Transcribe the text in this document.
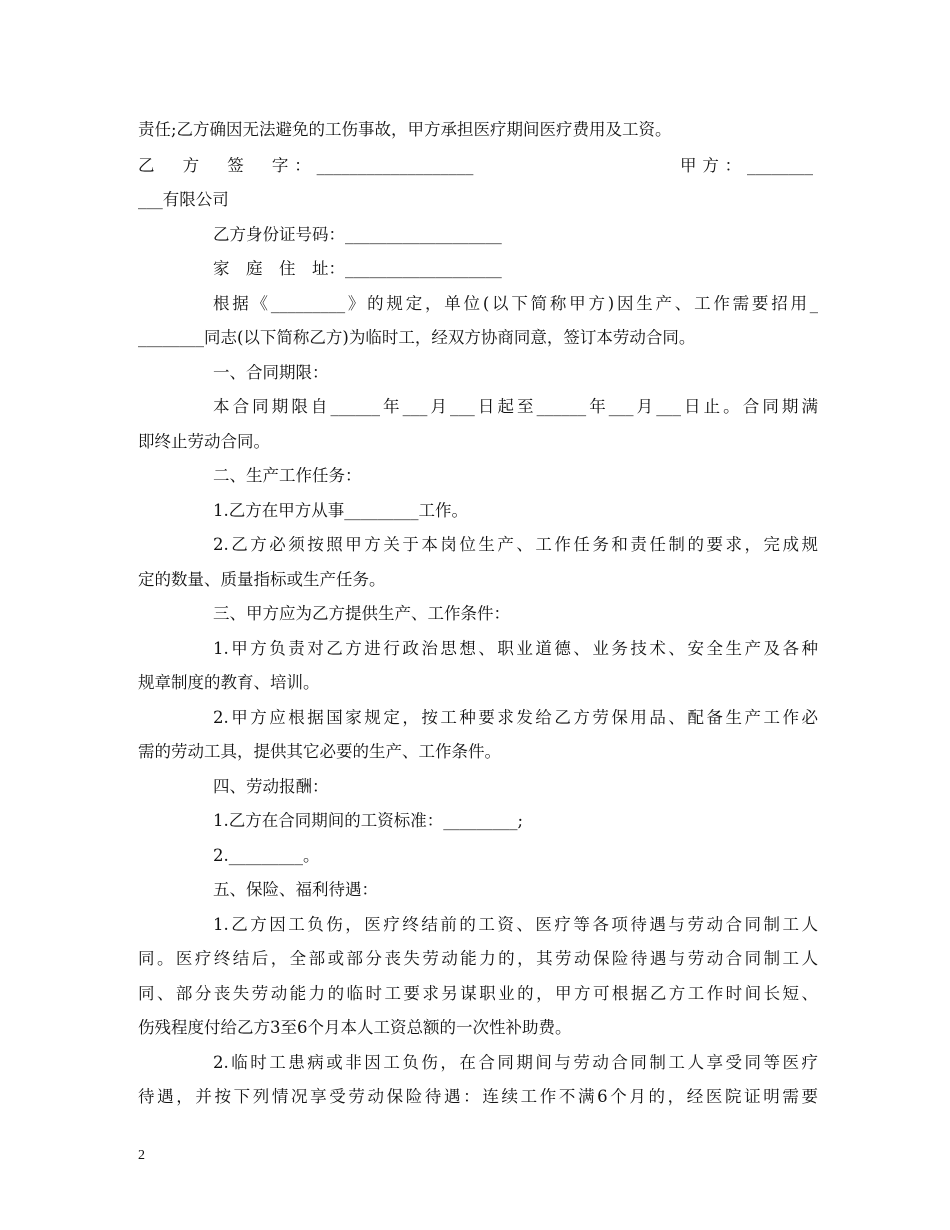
责任;乙方确因无法避免的工伤事故，甲方承担医疗期间医疗费用及工资。
乙　方　签　字：___________________　　　　　　　　　甲方：________
___有限公司
乙方身份证号码：___________________
家　庭　住　址：___________________
根据《_________》的规定，单位(以下简称甲方)因生产、工作需要招用_
________同志(以下简称乙方)为临时工，经双方协商同意，签订本劳动合同。
一、合同期限：
本合同期限自______年___月___日起至______年___月___日止。合同期满
即终止劳动合同。
二、生产工作任务：
1.乙方在甲方从事_________工作。
2.乙方必须按照甲方关于本岗位生产、工作任务和责任制的要求，完成规
定的数量、质量指标或生产任务。
三、甲方应为乙方提供生产、工作条件：
1.甲方负责对乙方进行政治思想、职业道德、业务技术、安全生产及各种
规章制度的教育、培训。
2.甲方应根据国家规定，按工种要求发给乙方劳保用品、配备生产工作必
需的劳动工具，提供其它必要的生产、工作条件。
四、劳动报酬：
1.乙方在合同期间的工资标准：_________;
2._________。
五、保险、福利待遇：
1.乙方因工负伤，医疗终结前的工资、医疗等各项待遇与劳动合同制工人
同。医疗终结后，全部或部分丧失劳动能力的，其劳动保险待遇与劳动合同制工人
同、部分丧失劳动能力的临时工要求另谋职业的，甲方可根据乙方工作时间长短、
伤残程度付给乙方3至6个月本人工资总额的一次性补助费。
2.临时工患病或非因工负伤，在合同期间与劳动合同制工人享受同等医疗
待遇，并按下列情况享受劳动保险待遇：连续工作不满6个月的，经医院证明需要
2
